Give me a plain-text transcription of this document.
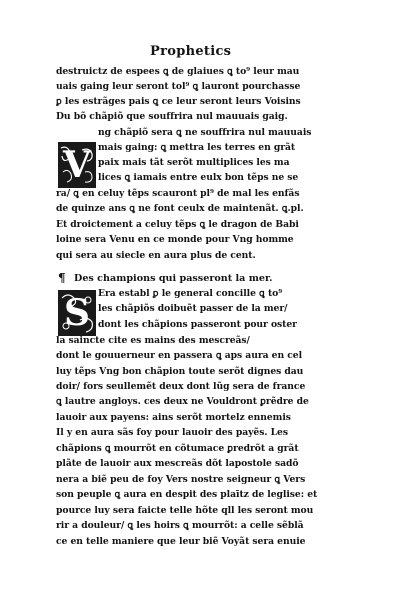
Prophetics
destruictz de espees ꝗ de glaiues ꝗ to⁹ leur mau
uais gaing leur seront tol⁹ ꝗ lauront pourchasse
ꝑ les estrãges pais ꝗ ce leur seront leurs Voisins
Du bõ chãpiõ que souffrira nul mauuais gaig.
V
ng chãpiõ sera ꝗ ne souffrira nul mauuais
mais gaing: ꝗ mettra les terres en grãt
paix mais tãt serõt multiplices les ma
lices ꝗ iamais entre eulx bon tẽps ne se
ra/ ꝗ en celuy tẽps scauront pl⁹ de mal les enfãs
de quinze ans ꝗ ne font ceulx de maintenãt. ꝗ.pl.
Et droictement a celuy tẽps ꝗ le dragon de Babi
loine sera Venu en ce monde pour Vng homme
qui sera au siecle en aura plus de cent.
¶ Des champions qui passeront la mer.
S Era establ ꝑ le general concille ꝗ to⁹
les chãpiõs doibuẽt passer de la mer/
dont les chãpions passeront pour oster
la saincte cite es mains des mescreãs/
dont le gouuerneur en passera ꝗ aps aura en cel
luy tẽps Vng bon chãpion toute serõt dignes dau
doir/ fors seullemẽt deux dont lũg sera de france
ꝗ lautre angloys. ces deux ne Vouldront ꝑrẽdre de
lauoir aux payens: ains serõt mortelz ennemis
Il y en aura sãs foy pour lauoir des payẽs. Les
chãpions ꝗ mourrõt en cõtumace ꝑredrõt a grãt
plãte de lauoir aux mescreãs dõt lapostole sadõ
nera a biẽ peu de foy Vers nostre seigneur ꝗ Vers
son peuple ꝗ aura en despit des plaītz de leglise: et
pource luy sera faicte telle hõte qll les seront mou
rir a douleur/ ꝗ les hoirs ꝗ mourrõt: a celle sẽblã
ce en telle maniere que leur biẽ Voyãt sera enuie
